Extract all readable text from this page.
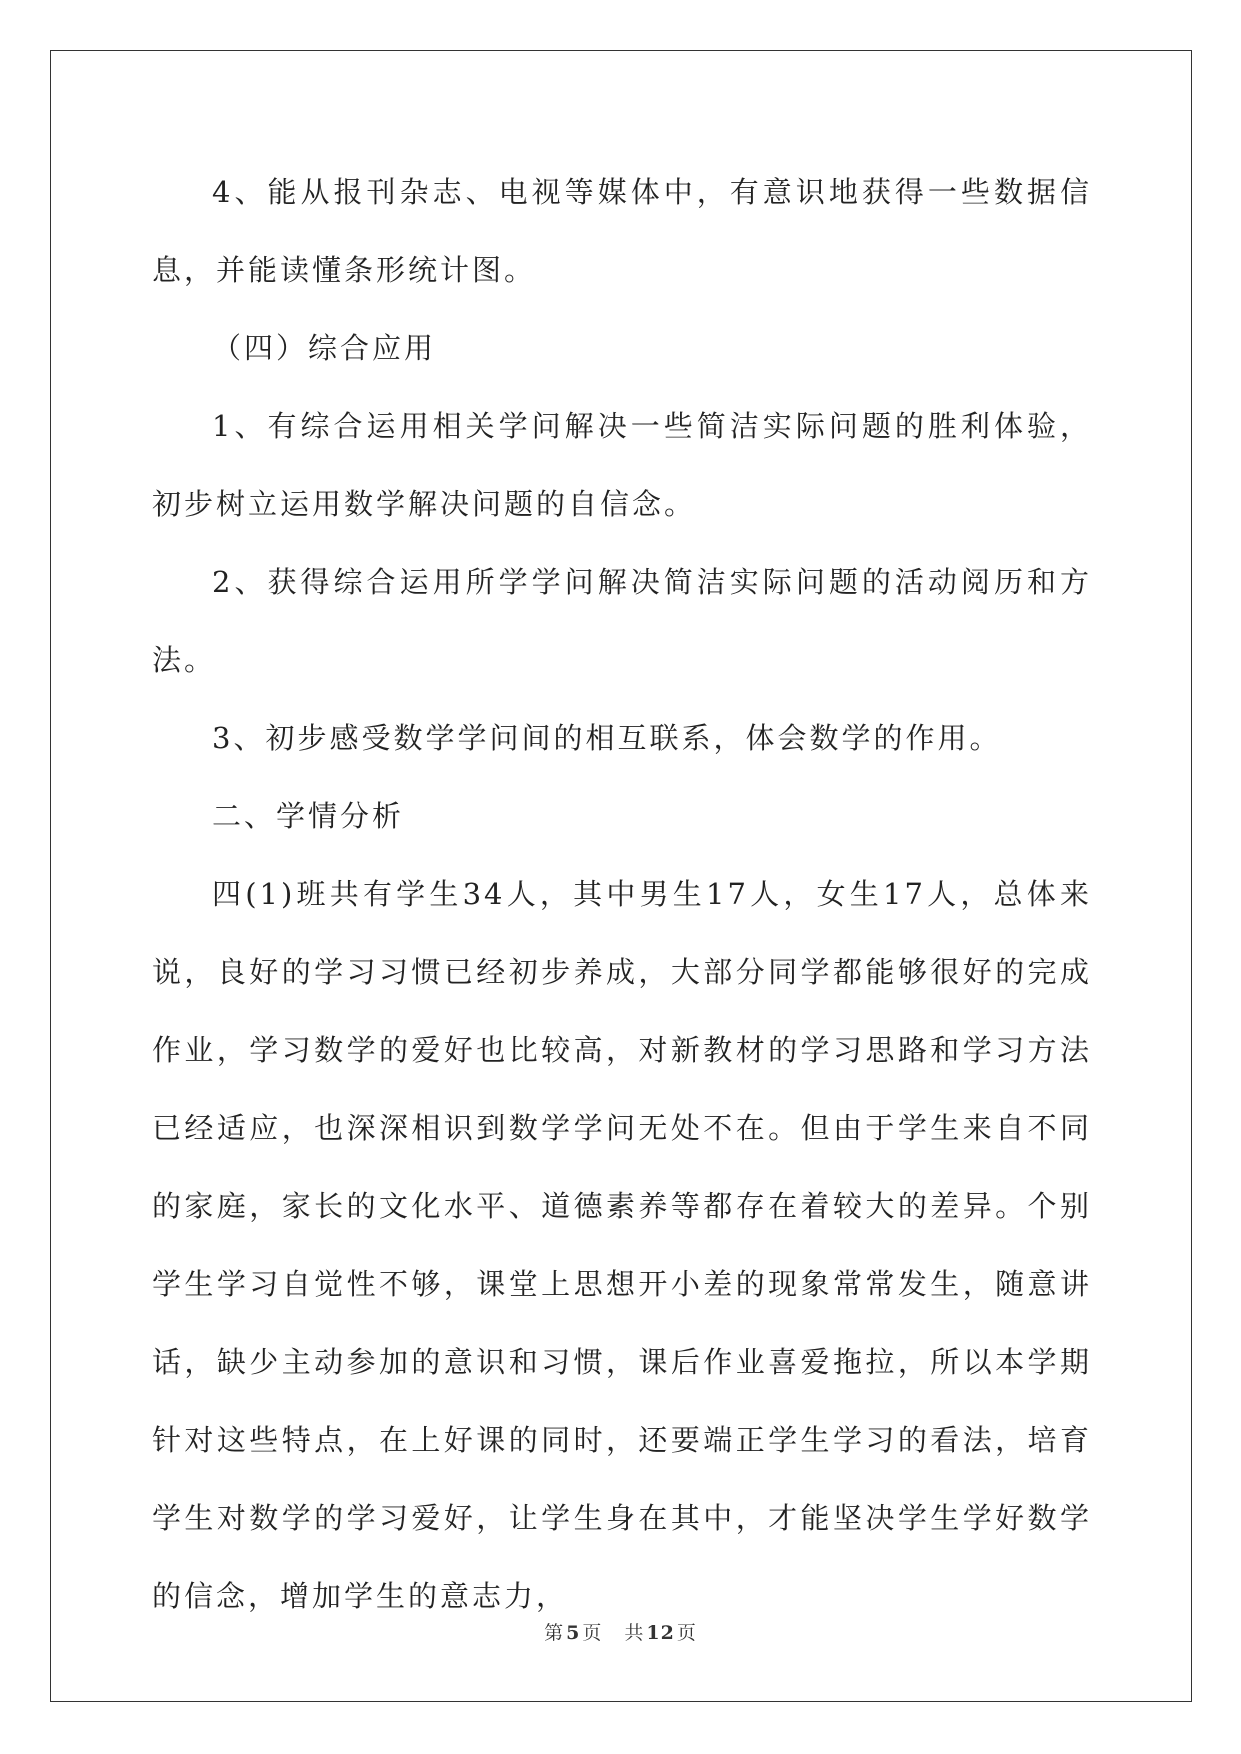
4、能从报刊杂志、电视等媒体中，有意识地获得一些数据信息，并能读懂条形统计图。

（四）综合应用

1、有综合运用相关学问解决一些简洁实际问题的胜利体验，初步树立运用数学解决问题的自信念。

2、获得综合运用所学学问解决简洁实际问题的活动阅历和方法。

3、初步感受数学学问间的相互联系，体会数学的作用。

二、学情分析

四(1)班共有学生34人，其中男生17人，女生17人，总体来说，良好的学习习惯已经初步养成，大部分同学都能够很好的完成作业，学习数学的爱好也比较高，对新教材的学习思路和学习方法已经适应，也深深相识到数学学问无处不在。但由于学生来自不同的家庭，家长的文化水平、道德素养等都存在着较大的差异。个别学生学习自觉性不够，课堂上思想开小差的现象常常发生，随意讲话，缺少主动参加的意识和习惯，课后作业喜爱拖拉，所以本学期针对这些特点，在上好课的同时，还要端正学生学习的看法，培育学生对数学的学习爱好，让学生身在其中，才能坚决学生学好数学的信念，增加学生的意志力，

第 5 页 共 12 页
